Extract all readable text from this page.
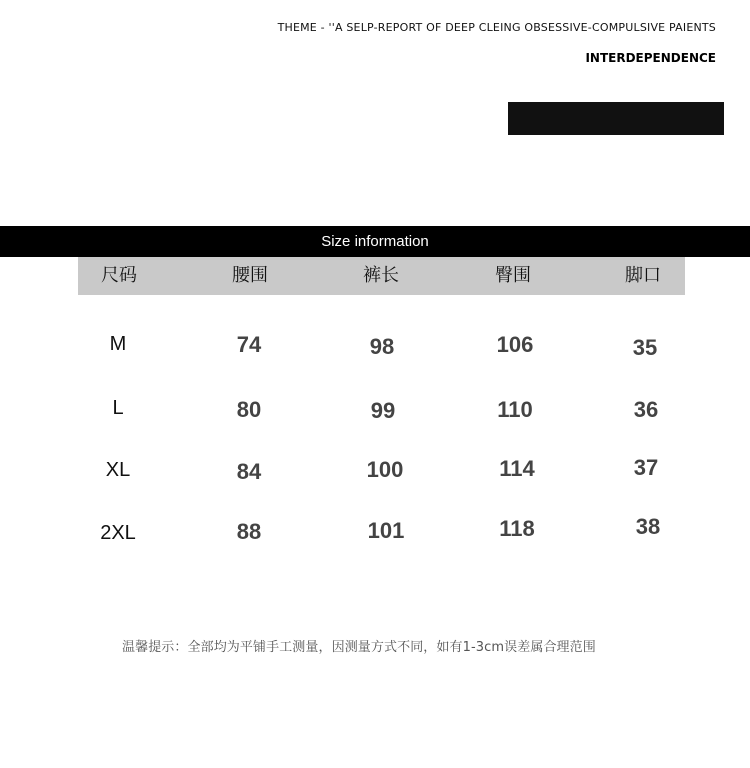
THEME - ''A SELP-REPORT OF DEEP CLEING OBSESSIVE-COMPULSIVE PAIENTS
INTERDEPENDENCE
Size information
尺码	腰围	裤长	臀围	脚口
M	74	98	106	35
L	80	99	110	36
XL	84	100	114	37
2XL	88	101	118	38
温馨提示：全部均为平铺手工测量，因测量方式不同，如有1-3cm误差属合理范围
